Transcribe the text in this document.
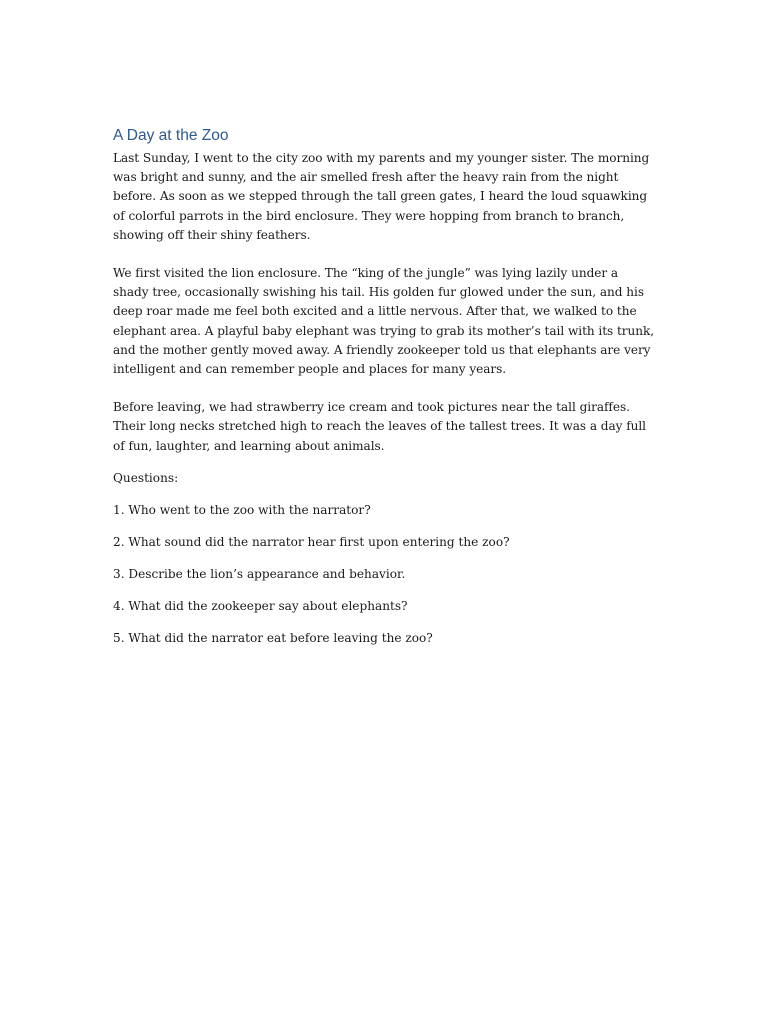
A Day at the Zoo

Last Sunday, I went to the city zoo with my parents and my younger sister. The morning was bright and sunny, and the air smelled fresh after the heavy rain from the night before. As soon as we stepped through the tall green gates, I heard the loud squawking of colorful parrots in the bird enclosure. They were hopping from branch to branch, showing off their shiny feathers.

We first visited the lion enclosure. The “king of the jungle” was lying lazily under a shady tree, occasionally swishing his tail. His golden fur glowed under the sun, and his deep roar made me feel both excited and a little nervous. After that, we walked to the elephant area. A playful baby elephant was trying to grab its mother’s tail with its trunk, and the mother gently moved away. A friendly zookeeper told us that elephants are very intelligent and can remember people and places for many years.

Before leaving, we had strawberry ice cream and took pictures near the tall giraffes. Their long necks stretched high to reach the leaves of the tallest trees. It was a day full of fun, laughter, and learning about animals.

Questions:

1. Who went to the zoo with the narrator?

2. What sound did the narrator hear first upon entering the zoo?

3. Describe the lion’s appearance and behavior.

4. What did the zookeeper say about elephants?

5. What did the narrator eat before leaving the zoo?
